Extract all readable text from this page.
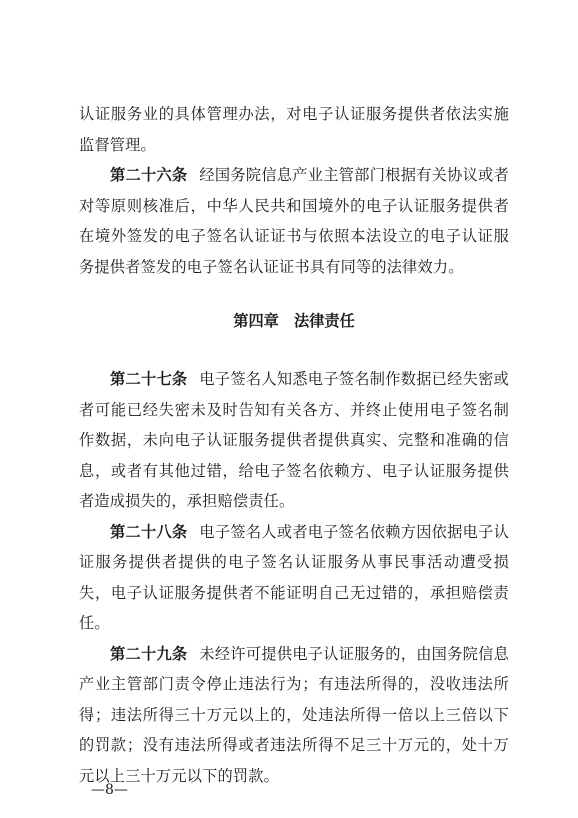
认证服务业的具体管理办法，对电子认证服务提供者依法实施监督管理。

第二十六条 经国务院信息产业主管部门根据有关协议或者对等原则核准后，中华人民共和国境外的电子认证服务提供者在境外签发的电子签名认证证书与依照本法设立的电子认证服务提供者签发的电子签名认证证书具有同等的法律效力。

第四章　法律责任

第二十七条 电子签名人知悉电子签名制作数据已经失密或者可能已经失密未及时告知有关各方、并终止使用电子签名制作数据，未向电子认证服务提供者提供真实、完整和准确的信息，或者有其他过错，给电子签名依赖方、电子认证服务提供者造成损失的，承担赔偿责任。

第二十八条 电子签名人或者电子签名依赖方因依据电子认证服务提供者提供的电子签名认证服务从事民事活动遭受损失，电子认证服务提供者不能证明自己无过错的，承担赔偿责任。

第二十九条 未经许可提供电子认证服务的，由国务院信息产业主管部门责令停止违法行为；有违法所得的，没收违法所得；违法所得三十万元以上的，处违法所得一倍以上三倍以下的罚款；没有违法所得或者违法所得不足三十万元的，处十万元以上三十万元以下的罚款。

—8—
